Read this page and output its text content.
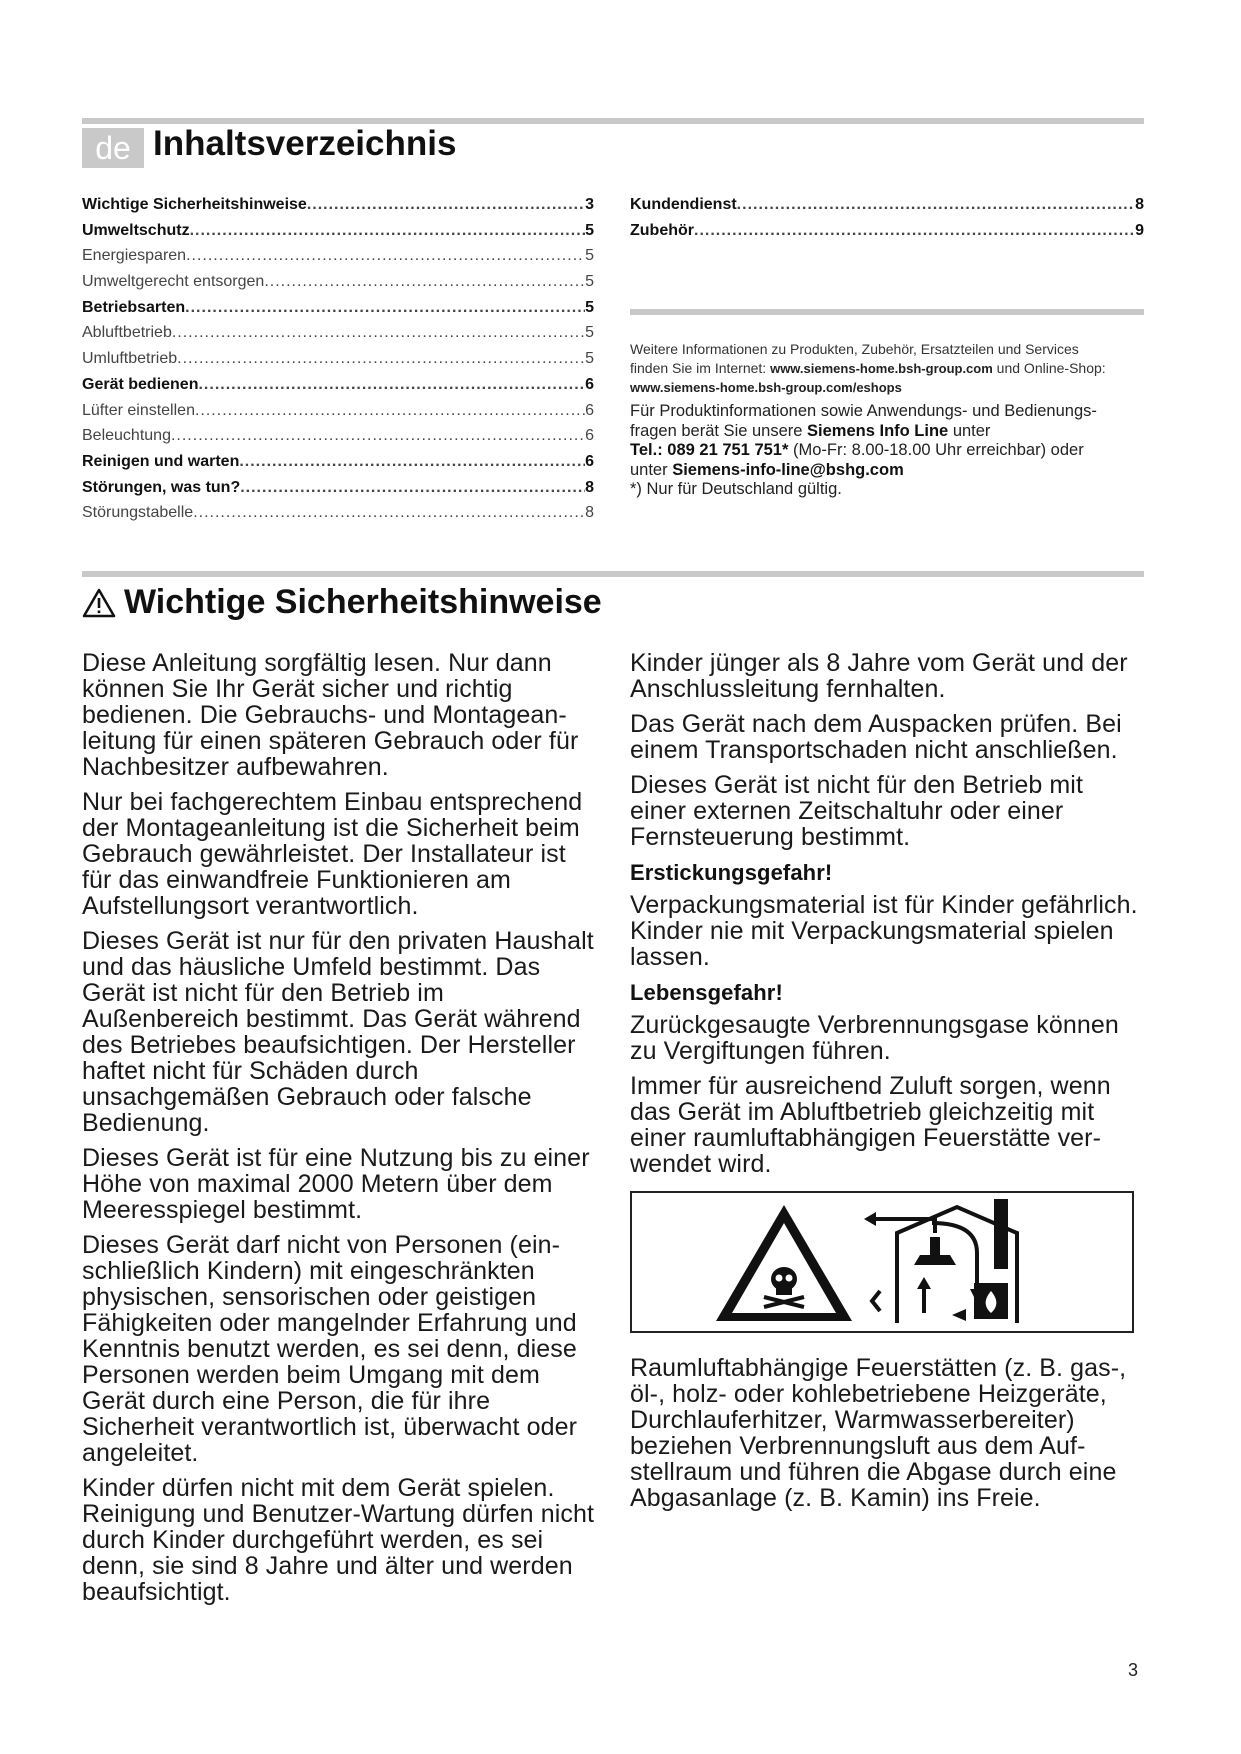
de Inhaltsverzeichnis
Wichtige Sicherheitshinweise .....	3
Umweltschutz .....	5
Energiesparen .....	5
Umweltgerecht entsorgen .....	5
Betriebsarten .....	5
Abluftbetrieb .....	5
Umluftbetrieb .....	5
Gerät bedienen .....	6
Lüfter einstellen .....	6
Beleuchtung .....	6
Reinigen und warten .....	6
Störungen, was tun? .....	8
Störungstabelle .....	8
Kundendienst .....	8
Zubehör .....	9
Weitere Informationen zu Produkten, Zubehör, Ersatzteilen und Services
finden Sie im Internet: www.siemens-home.bsh-group.com und Online-Shop:
www.siemens-home.bsh-group.com/eshops
Für Produktinformationen sowie Anwendungs- und Bedienungs-
fragen berät Sie unsere Siemens Info Line unter
Tel.: 089 21 751 751* (Mo-Fr: 8.00-18.00 Uhr erreichbar) oder
unter Siemens-info-line@bshg.com
*) Nur für Deutschland gültig.
Wichtige Sicherheitshinweise

Diese Anleitung sorgfältig lesen. Nur dann können Sie Ihr Gerät sicher und richtig bedienen. Die Gebrauchs- und Montageanleitung für einen späteren Gebrauch oder für Nachbesitzer aufbewahren.

Nur bei fachgerechtem Einbau entsprechend der Montageanleitung ist die Sicherheit beim Gebrauch gewährleistet. Der Installateur ist für das einwandfreie Funktionieren am Aufstellungsort verantwortlich.

Dieses Gerät ist nur für den privaten Haushalt und das häusliche Umfeld bestimmt. Das Gerät ist nicht für den Betrieb im Außenbereich bestimmt. Das Gerät während des Betriebes beaufsichtigen. Der Hersteller haftet nicht für Schäden durch unsachgemäßen Gebrauch oder falsche Bedienung.

Dieses Gerät ist für eine Nutzung bis zu einer Höhe von maximal 2000 Metern über dem Meeresspiegel bestimmt.

Dieses Gerät darf nicht von Personen (einschließlich Kindern) mit eingeschränkten physischen, sensorischen oder geistigen Fähigkeiten oder mangelnder Erfahrung und Kenntnis benutzt werden, es sei denn, diese Personen werden beim Umgang mit dem Gerät durch eine Person, die für ihre Sicherheit verantwortlich ist, überwacht oder angeleitet.

Kinder dürfen nicht mit dem Gerät spielen. Reinigung und Benutzer-Wartung dürfen nicht durch Kinder durchgeführt werden, es sei denn, sie sind 8 Jahre und älter und werden beaufsichtigt.

Kinder jünger als 8 Jahre vom Gerät und der Anschlussleitung fernhalten.

Das Gerät nach dem Auspacken prüfen. Bei einem Transportschaden nicht anschließen.

Dieses Gerät ist nicht für den Betrieb mit einer externen Zeitschaltuhr oder einer Fernsteuerung bestimmt.

Erstickungsgefahr!

Verpackungsmaterial ist für Kinder gefährlich. Kinder nie mit Verpackungsmaterial spielen lassen.

Lebensgefahr!

Zurückgesaugte Verbrennungsgase können zu Vergiftungen führen.

Immer für ausreichend Zuluft sorgen, wenn das Gerät im Abluftbetrieb gleichzeitig mit einer raumluftabhängigen Feuerstätte verwendet wird.

Raumluftabhängige Feuerstätten (z. B. gas-, öl-, holz- oder kohlebetriebene Heizgeräte, Durchlauferhitzer, Warmwasserbereiter) beziehen Verbrennungsluft aus dem Aufstellraum und führen die Abgase durch eine Abgasanlage (z. B. Kamin) ins Freie.

3
